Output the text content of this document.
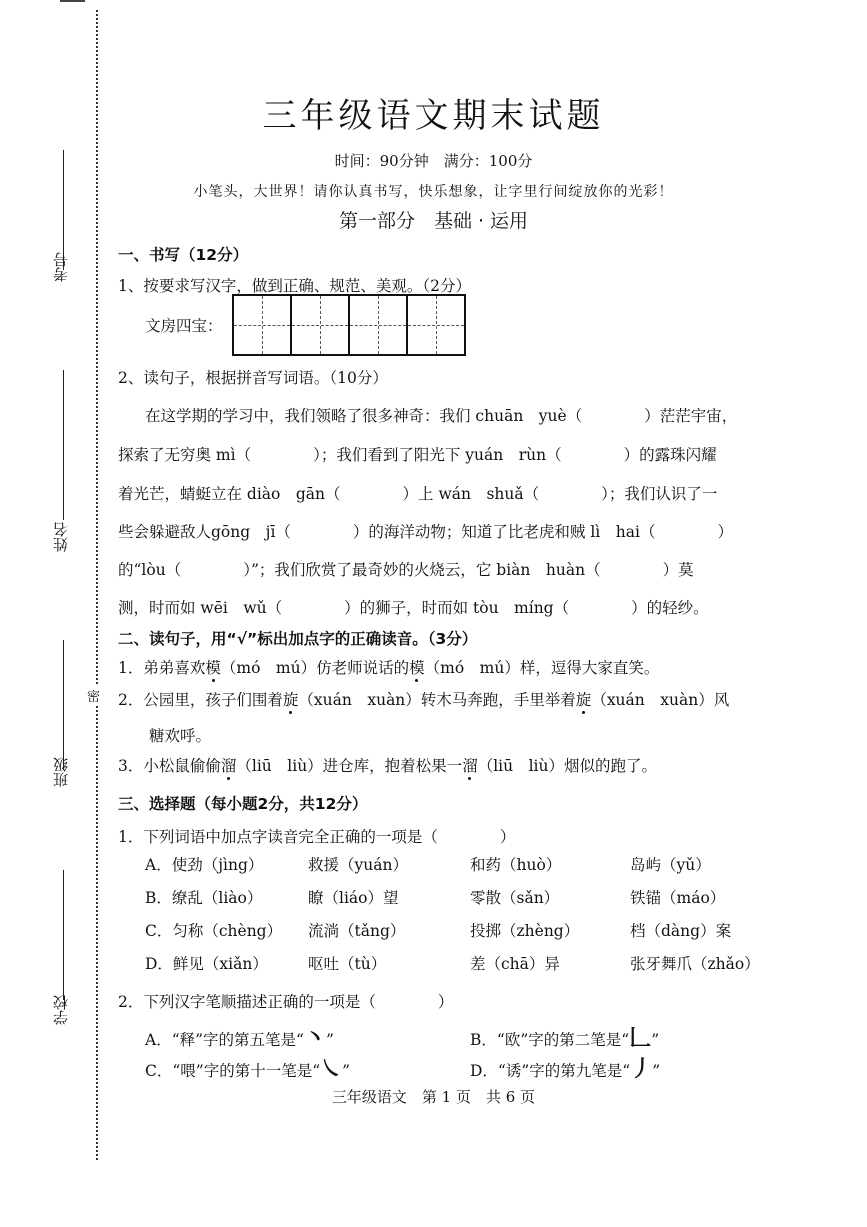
考号
姓名
班级
学校
密
三年级语文期末试题
时间：90分钟　满分：100分
小笔头，大世界！请你认真书写，快乐想象，让字里行间绽放你的光彩！
第一部分　基础 · 运用
一、书写（12分）
1、按要求写汉字，做到正确、规范、美观。（2分）
文房四宝：
2、读句子，根据拼音写词语。（10分）
在这学期的学习中，我们领略了很多神奇：我们 chuān　yuè（　　　　）茫茫宇宙，
探索了无穷奥 mì（　　　　）；我们看到了阳光下 yuán　rùn（　　　　）的露珠闪耀
着光芒，蜻蜓立在 diào　gān（　　　　）上 wán　shuǎ（　　　　）；我们认识了一
些会躲避敌人gōng　jī（　　　　）的海洋动物；知道了比老虎和贼 lì　hai（　　　　）
的“lòu（　　　　）”；我们欣赏了最奇妙的火烧云，它 biàn　huàn（　　　　）莫
测，时而如 wēi　wǔ（　　　　）的狮子，时而如 tòu　míng（　　　　）的轻纱。
二、读句子，用“√”标出加点字的正确读音。（3分）
1．弟弟喜欢模（mó　mú）仿老师说话的模（mó　mú）样，逗得大家直笑。
2．公园里，孩子们围着旋（xuán　xuàn）转木马奔跑，手里举着旋（xuán　xuàn）风
　　糖欢呼。
3．小松鼠偷偷溜（liū　liù）进仓库，抱着松果一溜（liū　liù）烟似的跑了。
三、选择题（每小题2分，共12分）
1．下列词语中加点字读音完全正确的一项是（　　　　）
A．使劲（jìng）	救援（yuán）	和药（huò）	岛屿（yǔ）
B．缭乱（liào）	瞭（liáo）望	零散（sǎn）	铁锚（máo）
C．匀称（chèng） 流淌（tǎng）	投掷（zhèng）	档（dàng）案
D．鲜见（xiǎn）	呕吐（tù）	差（chā）异	张牙舞爪（zhǎo）
2．下列汉字笔顺描述正确的一项是（　　　　）
A．“释”字的第五笔是“丶”	B．“欧”字的第二笔是“𠃊”
C．“喂”字的第十一笔是“㇏”	D．“诱”字的第九笔是“丿”
三年级语文　第 1 页　共 6 页
